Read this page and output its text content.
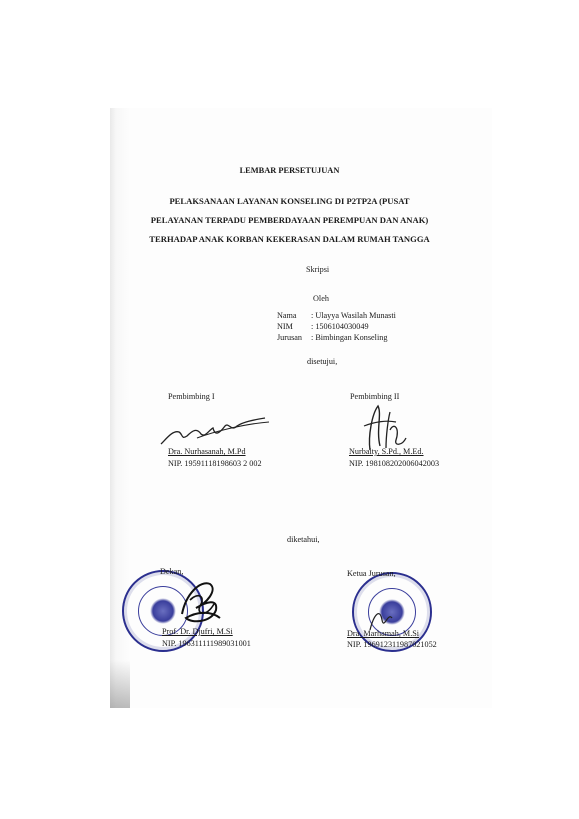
LEMBAR PERSETUJUAN
PELAKSANAAN LAYANAN KONSELING DI P2TP2A (PUSAT
PELAYANAN TERPADU PEMBERDAYAAN PEREMPUAN DAN ANAK)
TERHADAP ANAK KORBAN KEKERASAN DALAM RUMAH TANGGA
Skripsi
Oleh
Nama : Ulayya Wasilah Munasti
NIM : 1506104030049
Jurusan : Bimbingan Konseling
disetujui,
Pembimbing I
Dra. Nurhasanah, M.Pd
NIP. 19591118198603 2 002
Pembimbing II
Nurbaity, S.Pd., M.Ed.
NIP. 198108202006042003
diketahui,
Dekan,
Prof. Dr. Djufri, M.Si
NIP. 196311111989031001
Ketua Jurusan,
Dra. Marhamah, M.Si
NIP. 196912311987021052
